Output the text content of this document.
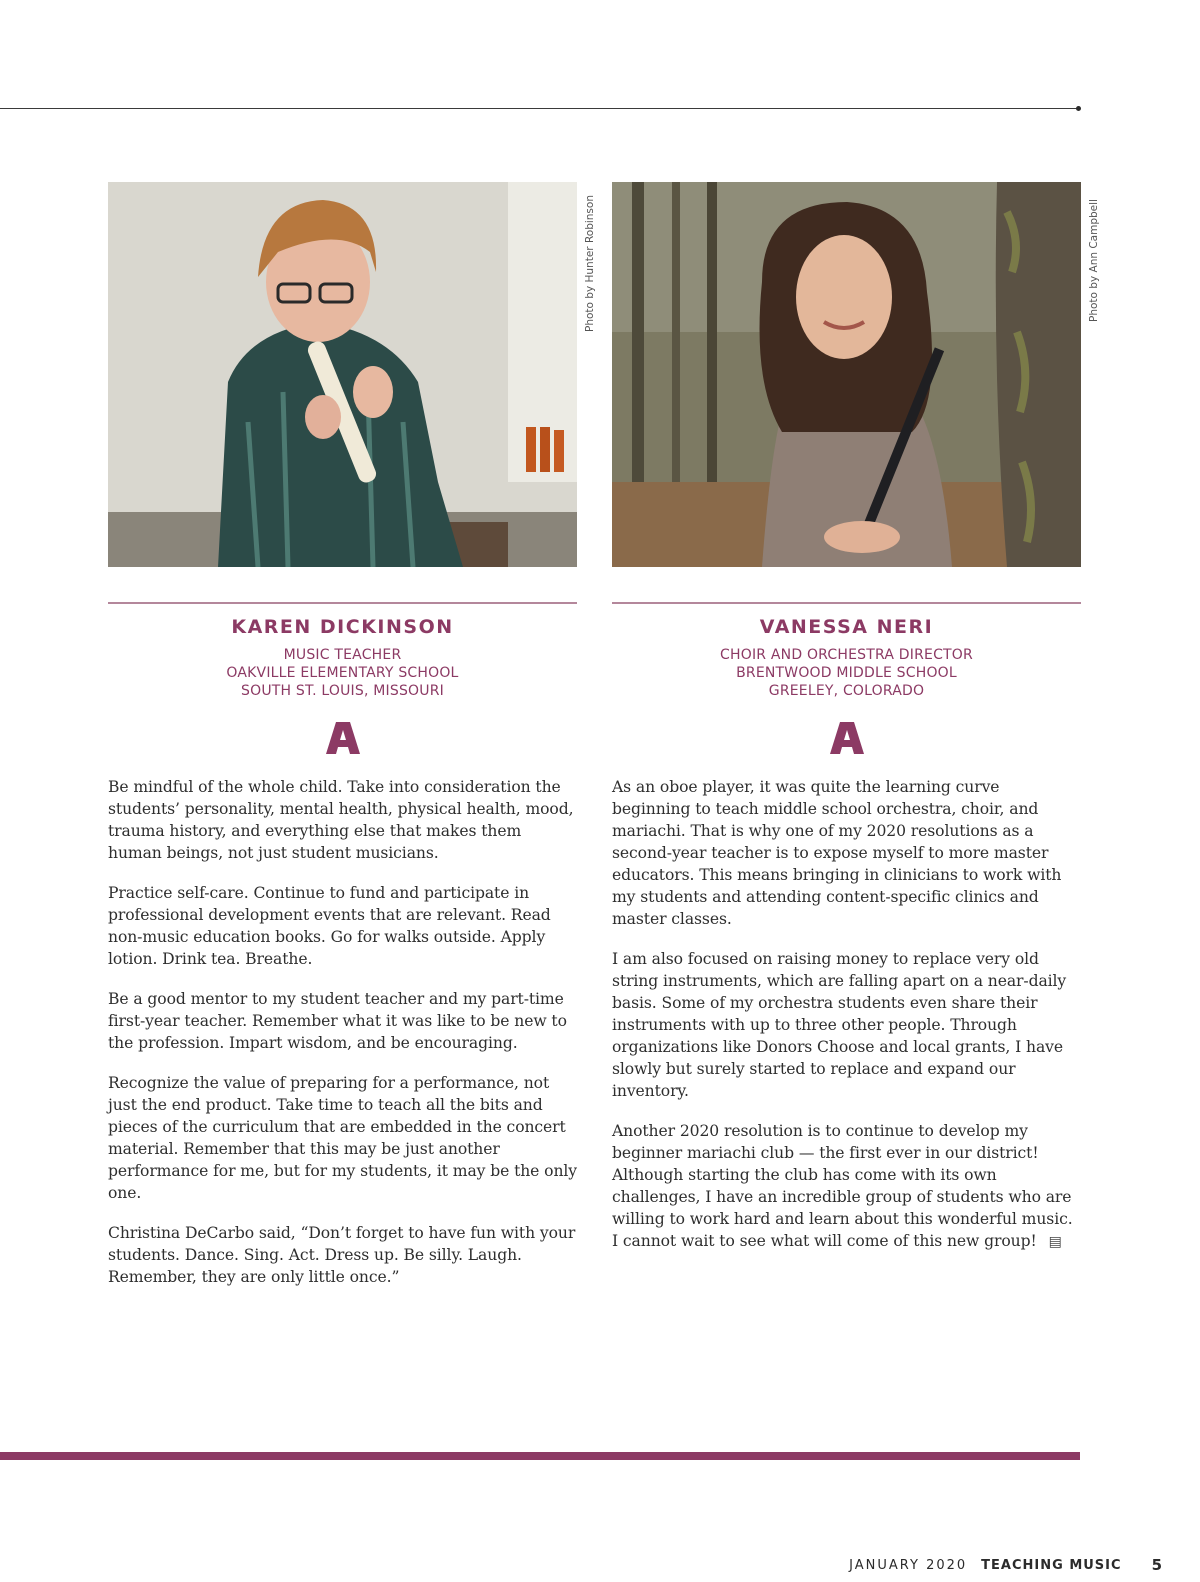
KAREN DICKINSON
MUSIC TEACHER
OAKVILLE ELEMENTARY SCHOOL
SOUTH ST. LOUIS, MISSOURI

Be mindful of the whole child. Take into consideration the students’ personality, mental health, physical health, mood, trauma history, and everything else that makes them human beings, not just student musicians.

Practice self-care. Continue to fund and participate in professional development events that are relevant. Read non-music education books. Go for walks outside. Apply lotion. Drink tea. Breathe.

Be a good mentor to my student teacher and my part-time first-year teacher. Remember what it was like to be new to the profession. Impart wisdom, and be encouraging.

Recognize the value of preparing for a performance, not just the end product. Take time to teach all the bits and pieces of the curriculum that are embedded in the concert material. Remember that this may be just another performance for me, but for my students, it may be the only one.

Christina DeCarbo said, “Don’t forget to have fun with your students. Dance. Sing. Act. Dress up. Be silly. Laugh. Remember, they are only little once.”

Photo by Hunter Robinson
VANESSA NERI
CHOIR AND ORCHESTRA DIRECTOR
BRENTWOOD MIDDLE SCHOOL
GREELEY, COLORADO

As an oboe player, it was quite the learning curve beginning to teach middle school orchestra, choir, and mariachi. That is why one of my 2020 resolutions as a second-year teacher is to expose myself to more master educators. This means bringing in clinicians to work with my students and attending content-specific clinics and master classes.

I am also focused on raising money to replace very old string instruments, which are falling apart on a near-daily basis. Some of my orchestra students even share their instruments with up to three other people. Through organizations like Donors Choose and local grants, I have slowly but surely started to replace and expand our inventory.

Another 2020 resolution is to continue to develop my beginner mariachi club — the first ever in our district! Although starting the club has come with its own challenges, I have an incredible group of students who are willing to work hard and learn about this wonderful music. I cannot wait to see what will come of this new group! ▤

Photo by Ann Campbell
JANUARY 2020 TEACHING MUSIC 5
